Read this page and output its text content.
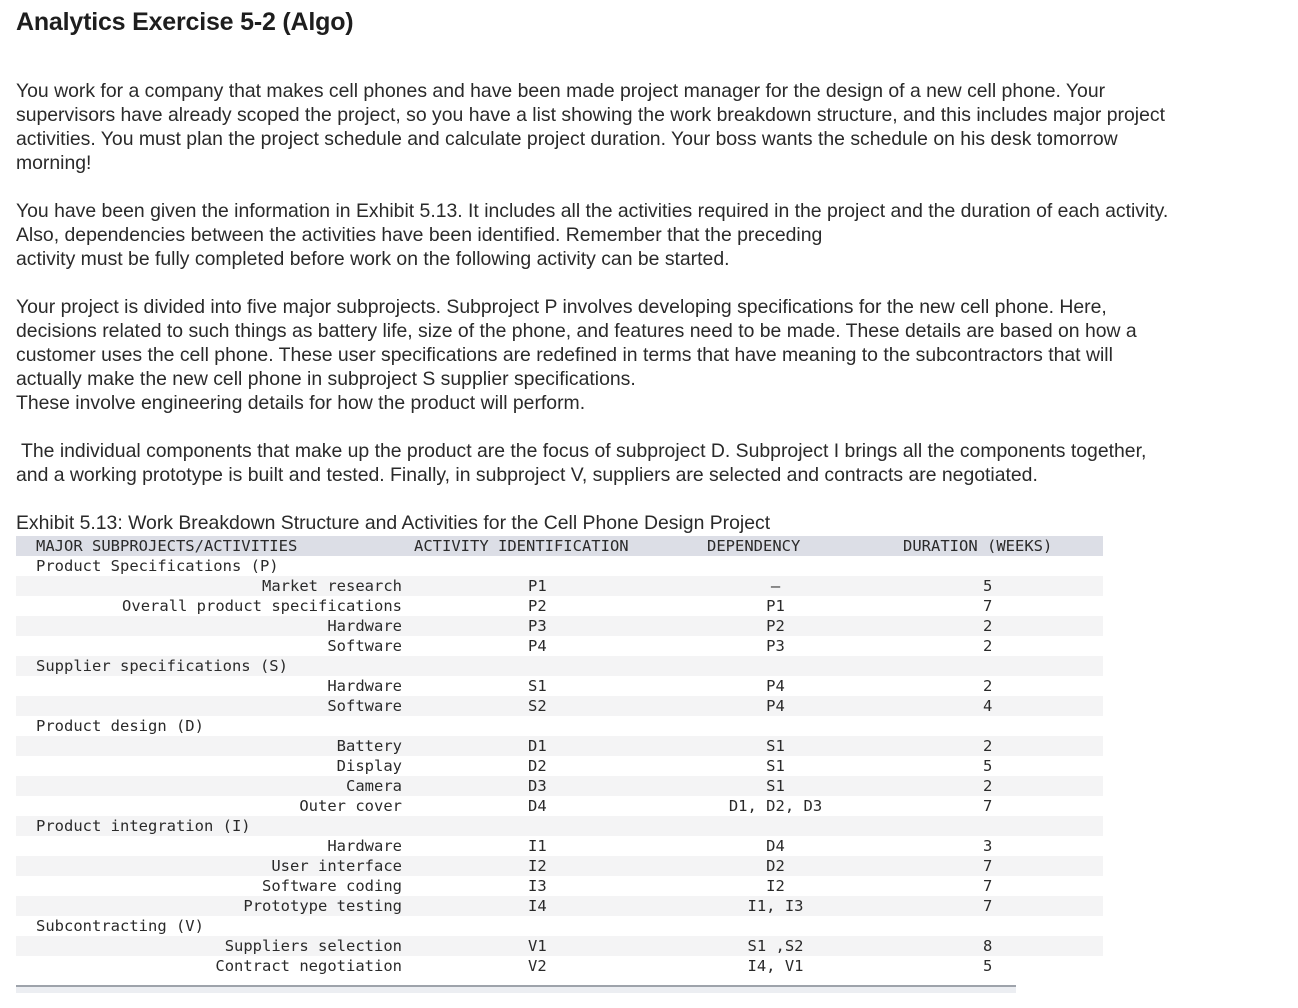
Analytics Exercise 5-2 (Algo)

You work for a company that makes cell phones and have been made project manager for the design of a new cell phone. Your
supervisors have already scoped the project, so you have a list showing the work breakdown structure, and this includes major project
activities. You must plan the project schedule and calculate project duration. Your boss wants the schedule on his desk tomorrow
morning!

You have been given the information in Exhibit 5.13. It includes all the activities required in the project and the duration of each activity.
Also, dependencies between the activities have been identified. Remember that the preceding
activity must be fully completed before work on the following activity can be started.

Your project is divided into five major subprojects. Subproject P involves developing specifications for the new cell phone. Here,
decisions related to such things as battery life, size of the phone, and features need to be made. These details are based on how a
customer uses the cell phone. These user specifications are redefined in terms that have meaning to the subcontractors that will
actually make the new cell phone in subproject S supplier specifications.
These involve engineering details for how the product will perform.

The individual components that make up the product are the focus of subproject D. Subproject I brings all the components together,
and a working prototype is built and tested. Finally, in subproject V, suppliers are selected and contracts are negotiated.

Exhibit 5.13: Work Breakdown Structure and Activities for the Cell Phone Design Project

MAJOR SUBPROJECTS/ACTIVITIES	ACTIVITY IDENTIFICATION	DEPENDENCY	DURATION (WEEKS)
Product Specifications (P)			
Market research	P1	—	5
Overall product specifications	P2	P1	7
Hardware	P3	P2	2
Software	P4	P3	2
Supplier specifications (S)			
Hardware	S1	P4	2
Software	S2	P4	4
Product design (D)			
Battery	D1	S1	2
Display	D2	S1	5
Camera	D3	S1	2
Outer cover	D4	D1, D2, D3	7
Product integration (I)			
Hardware	I1	D4	3
User interface	I2	D2	7
Software coding	I3	I2	7
Prototype testing	I4	I1, I3	7
Subcontracting (V)			
Suppliers selection	V1	S1 ,S2	8
Contract negotiation	V2	I4, V1	5
